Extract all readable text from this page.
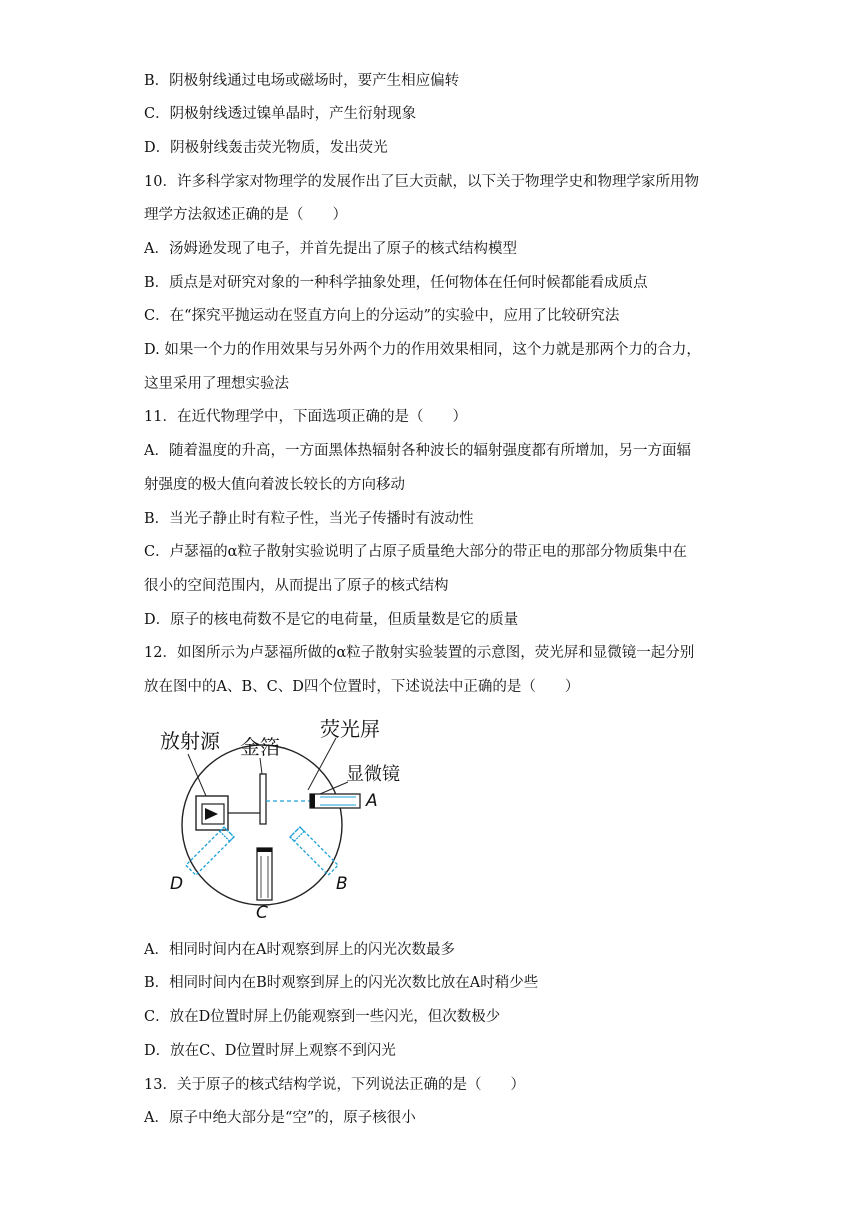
B．阴极射线通过电场或磁场时，要产生相应偏转
C．阴极射线透过镍单晶时，产生衍射现象
D．阴极射线轰击荧光物质，发出荧光
10．许多科学家对物理学的发展作出了巨大贡献，以下关于物理学史和物理学家所用物
理学方法叙述正确的是（　　）
A．汤姆逊发现了电子，并首先提出了原子的核式结构模型
B．质点是对研究对象的一种科学抽象处理，任何物体在任何时候都能看成质点
C．在“探究平抛运动在竖直方向上的分运动”的实验中，应用了比较研究法
D. 如果一个力的作用效果与另外两个力的作用效果相同，这个力就是那两个力的合力，
这里采用了理想实验法
11．在近代物理学中，下面选项正确的是（　　）
A．随着温度的升高，一方面黑体热辐射各种波长的辐射强度都有所增加，另一方面辐
射强度的极大值向着波长较长的方向移动
B．当光子静止时有粒子性，当光子传播时有波动性
C．卢瑟福的α粒子散射实验说明了占原子质量绝大部分的带正电的那部分物质集中在
很小的空间范围内，从而提出了原子的核式结构
D．原子的核电荷数不是它的电荷量，但质量数是它的质量
12．如图所示为卢瑟福所做的α粒子散射实验装置的示意图，荧光屏和显微镜一起分别
放在图中的A、B、C、D四个位置时，下述说法中正确的是（　　）
放射源 金箔
荧光屏
显微镜
A
B
C
D
A．相同时间内在A时观察到屏上的闪光次数最多
B．相同时间内在B时观察到屏上的闪光次数比放在A时稍少些
C．放在D位置时屏上仍能观察到一些闪光，但次数极少
D．放在C、D位置时屏上观察不到闪光
13．关于原子的核式结构学说，下列说法正确的是（　　）
A．原子中绝大部分是“空”的，原子核很小
